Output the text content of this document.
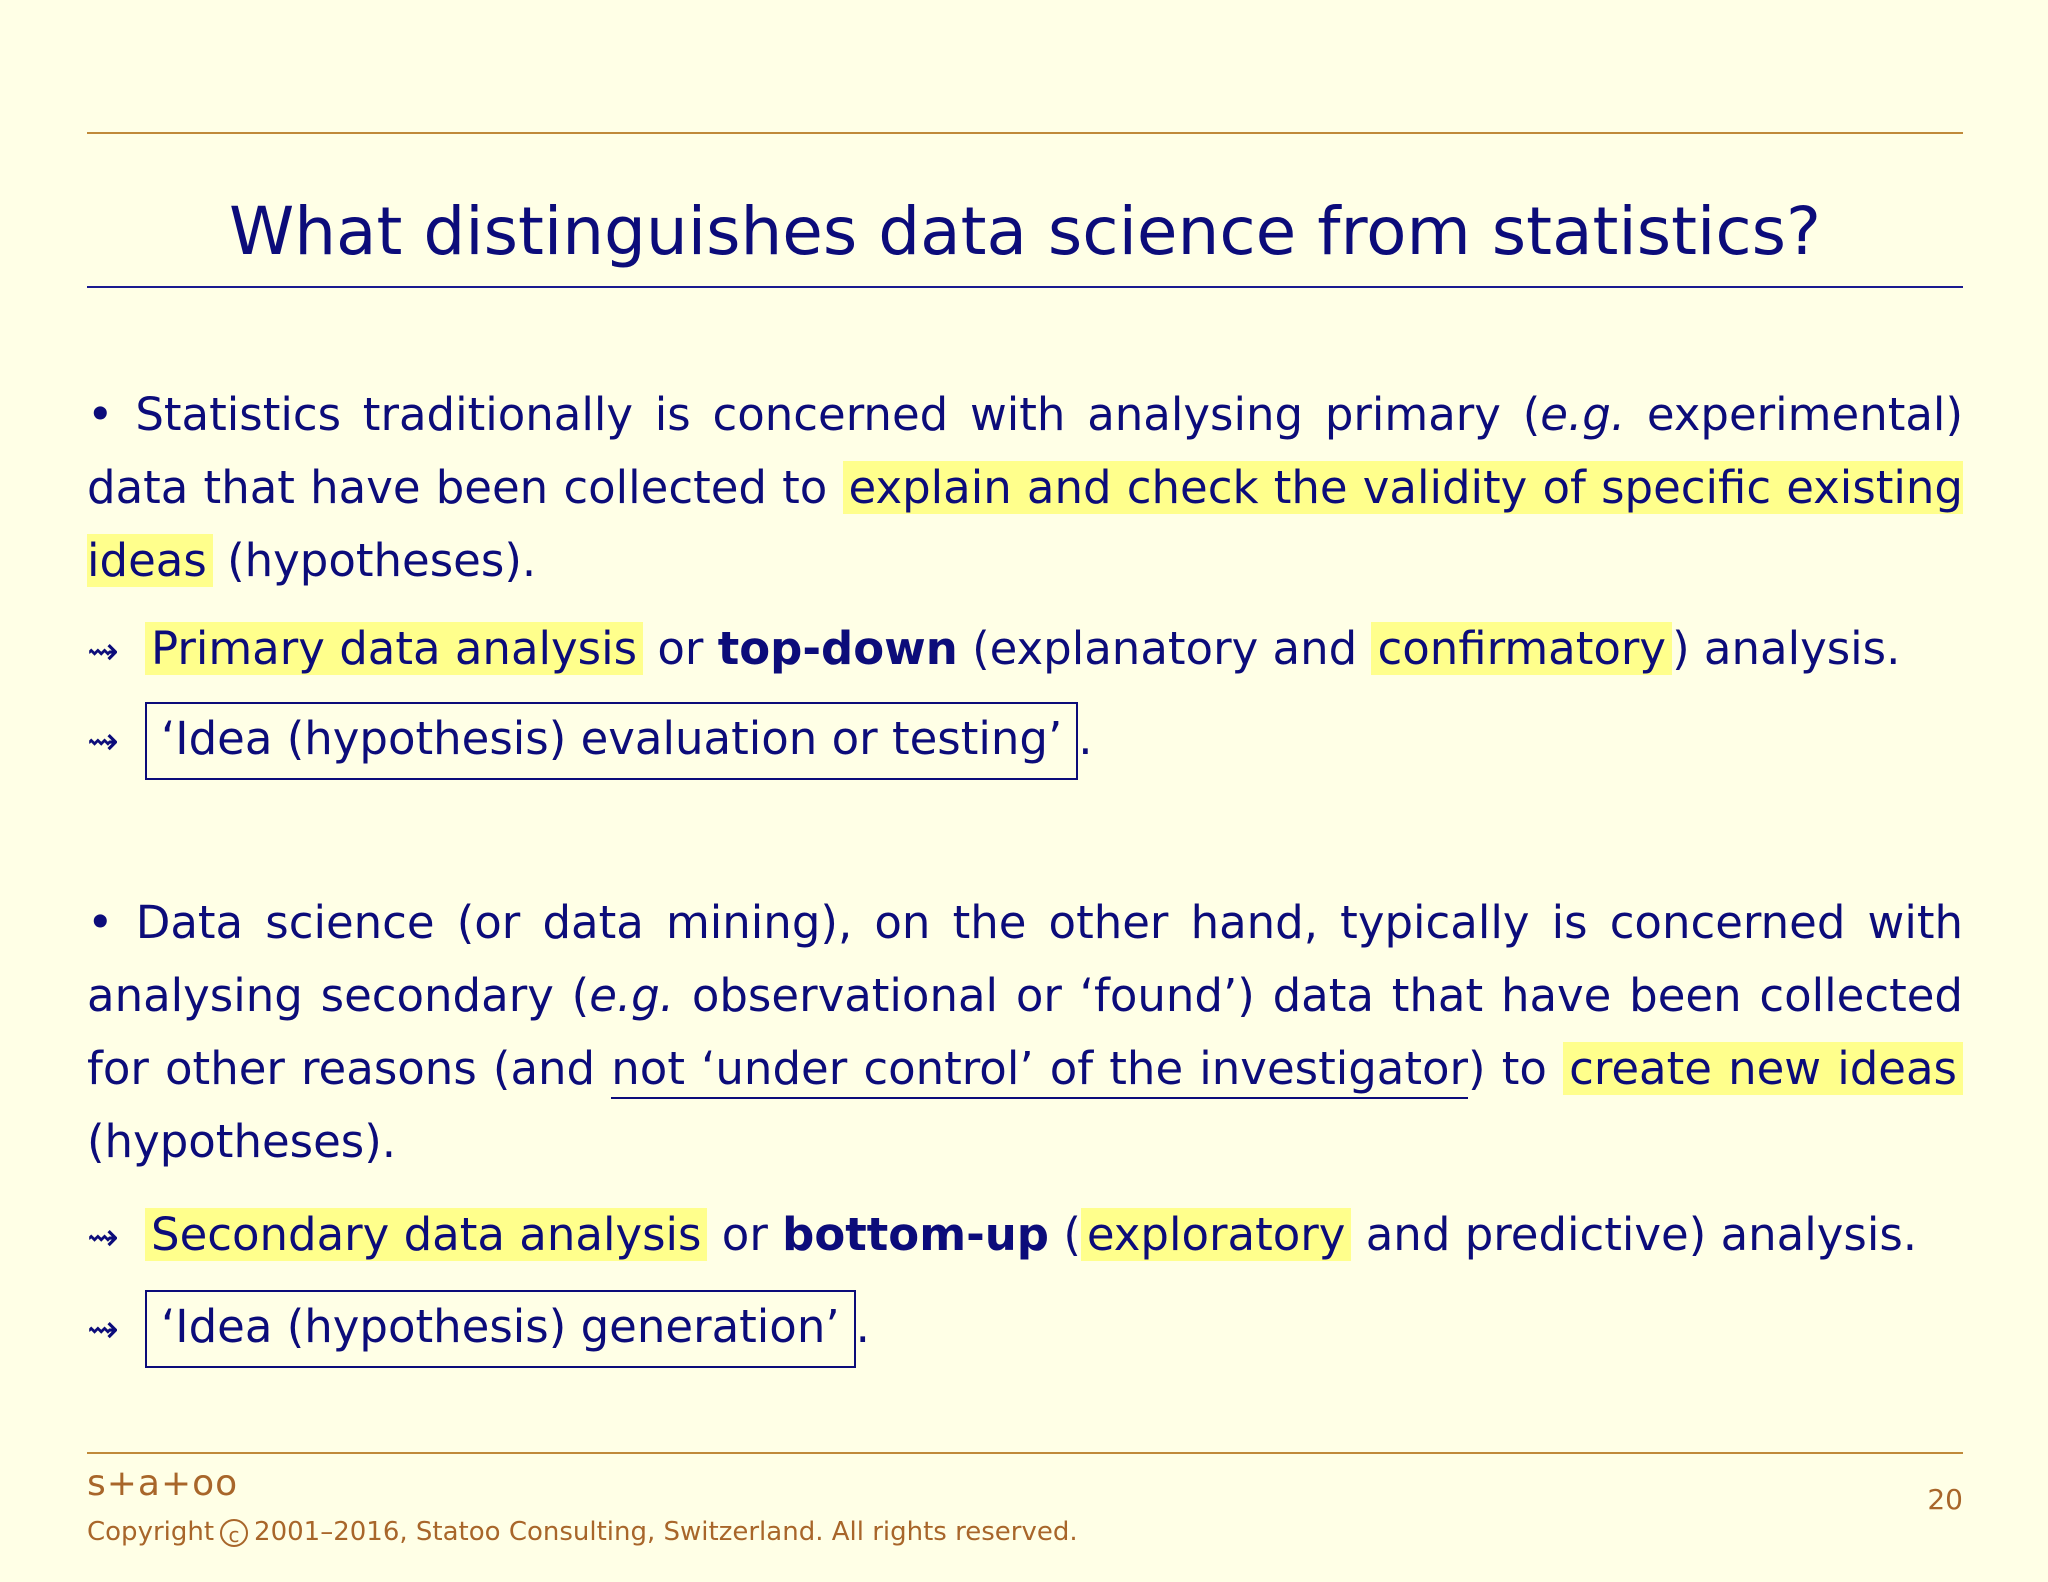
What distinguishes data science from statistics?
• Statistics traditionally is concerned with analysing primary (e.g. experimental) data that have been collected to explain and check the validity of specific existing ideas (hypotheses).
⇝ Primary data analysis or top-down (explanatory and confirmatory ) analysis.
⇝ ‘Idea (hypothesis) evaluation or testing’ .
• Data science (or data mining), on the other hand, typically is concerned with analysing secondary (e.g. observational or ‘found’) data that have been collected for other reasons (and not ‘under control’ of the investigator) to create new ideas (hypotheses).
⇝ Secondary data analysis or bottom-up ( exploratory and predictive) analysis.
⇝ ‘Idea (hypothesis) generation’ .
s+a+oo
Copyright c 2001–2016, Statoo Consulting, Switzerland. All rights reserved.
20
